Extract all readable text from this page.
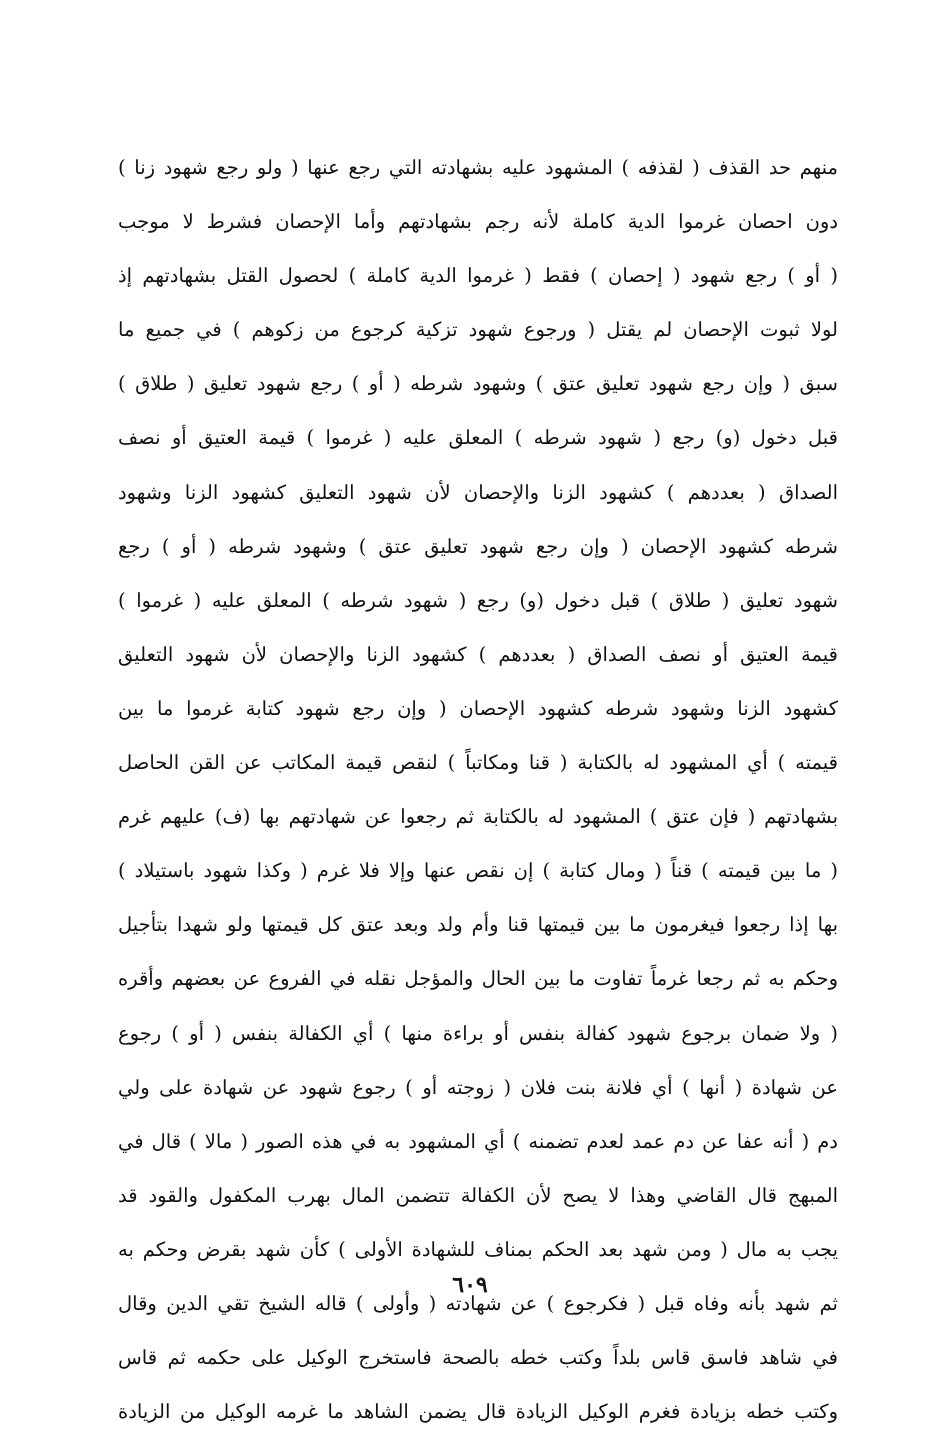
منهم حد القذف ( لقذفه ) المشهود عليه بشهادته التي رجع عنها ( ولو رجع شهود زنا )
دون احصان غرموا الدية كاملة لأنه رجم بشهادتهم وأما الإحصان فشرط لا موجب
( أو ) رجع شهود ( إحصان ) فقط ( غرموا الدية كاملة ) لحصول القتل بشهادتهم إذ
لولا ثبوت الإحصان لم يقتل ( ورجوع شهود تزكية كرجوع من زكوهم ) في جميع ما
سبق ( وإن رجع شهود تعليق عتق ) وشهود شرطه ( أو ) رجع شهود تعليق ( طلاق )
قبل دخول (و) رجع ( شهود شرطه ) المعلق عليه ( غرموا ) قيمة العتيق أو نصف
الصداق ( بعددهم ) كشهود الزنا والإحصان لأن شهود التعليق كشهود الزنا وشهود
شرطه كشهود الإحصان ( وإن رجع شهود تعليق عتق ) وشهود شرطه ( أو ) رجع
شهود تعليق ( طلاق ) قبل دخول (و) رجع ( شهود شرطه ) المعلق عليه ( غرموا )
قيمة العتيق أو نصف الصداق ( بعددهم ) كشهود الزنا والإحصان لأن شهود التعليق
كشهود الزنا وشهود شرطه كشهود الإحصان ( وإن رجع شهود كتابة غرموا ما بين
قيمته ) أي المشهود له بالكتابة ( قنا ومكاتباً ) لنقص قيمة المكاتب عن القن الحاصل
بشهادتهم ( فإن عتق ) المشهود له بالكتابة ثم رجعوا عن شهادتهم بها (ف) عليهم غرم
( ما بين قيمته ) قناً ( ومال كتابة ) إن نقص عنها وإلا فلا غرم ( وكذا شهود باستيلاد )
بها إذا رجعوا فيغرمون ما بين قيمتها قنا وأم ولد وبعد عتق كل قيمتها ولو شهدا بتأجيل
وحكم به ثم رجعا غرماً تفاوت ما بين الحال والمؤجل نقله في الفروع عن بعضهم وأقره
( ولا ضمان برجوع شهود كفالة بنفس أو براءة منها ) أي الكفالة بنفس ( أو ) رجوع
عن شهادة ( أنها ) أي فلانة بنت فلان ( زوجته أو ) رجوع شهود عن شهادة على ولي
دم ( أنه عفا عن دم عمد لعدم تضمنه ) أي المشهود به في هذه الصور ( مالا ) قال في
المبهج قال القاضي وهذا لا يصح لأن الكفالة تتضمن المال بهرب المكفول والقود قد
يجب به مال ( ومن شهد بعد الحكم بمناف للشهادة الأولى ) كأن شهد بقرض وحكم به
ثم شهد بأنه وفاه قبل ( فكرجوع ) عن شهادته ( وأولى ) قاله الشيخ تقي الدين وقال
في شاهد فاسق قاس بلداً وكتب خطه بالصحة فاستخرج الوكيل على حكمه ثم قاس
وكتب خطه بزيادة فغرم الوكيل الزيادة قال يضمن الشاهد ما غرمه الوكيل من الزيادة
٦٠٩
